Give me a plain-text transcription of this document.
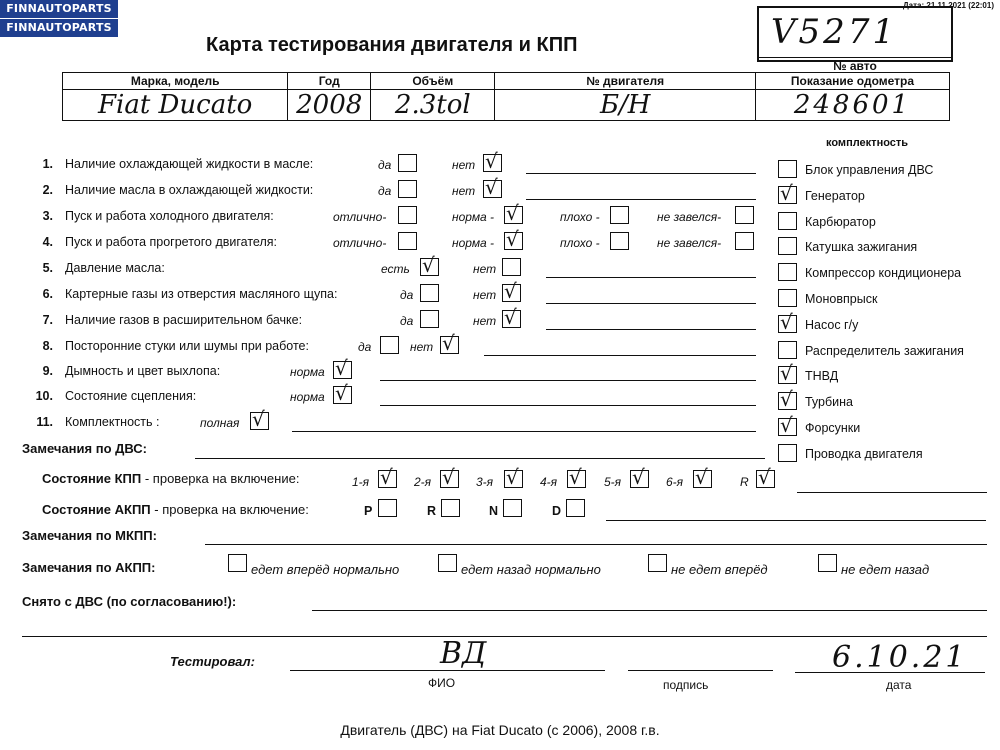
FINNAUTOPARTS
FINNAUTOPARTS
Дата: 21.11.2021 (22:01)
Карта тестирования двигателя и КПП	V5271
№ авто
Марка, модель	Год	Объём	№ двигателя	Показание одометра
Fiat Ducato	2008	2.3tol	Б/Н	248601
комплектность
1. Наличие охлаждающей жидкости в масле:	да	нет √
2. Наличие масла в охлаждающей жидкости:	да	нет √
3. Пуск и работа холодного двигателя:	отлично-	норма - √	плохо -	не завелся-
4. Пуск и работа прогретого двигателя:	отлично-	норма - √	плохо -	не завелся-
5. Давление масла:	есть √	нет
6. Картерные газы из отверстия масляного щупа:	да	нет √
7. Наличие газов в расширительном бачке:	да	нет √
8. Посторонние стуки или шумы при работе:	да	нет √
9. Дымность и цвет выхлопа:	норма √
10. Состояние сцепления:	норма √
11. Комплектность :	полная √
Блок управления ДВС
√ Генератор
Карбюратор
Катушка зажигания
Компрессор кондиционера
Моновпрыск
√ Насос г/у
Распределитель зажигания
√ ТНВД
√ Турбина
√ Форсунки
Проводка двигателя
Замечания по ДВС:
Состояние КПП - проверка на включение:	1-я √ 2-я √ 3-я √ 4-я √ 5-я √ 6-я √	R √
Состояние АКПП - проверка на включение:	P	R	N	D
Замечания по МКПП:
Замечания по АКПП:	едет вперёд нормально	едет назад нормально	не едет вперёд	не едет назад
Снято с ДВС (по согласованию!):
Тестировал:	ВД
ФИО	подпись
6.10.21
дата
Двигатель (ДВС) на Fiat Ducato (с 2006), 2008 г.в.
